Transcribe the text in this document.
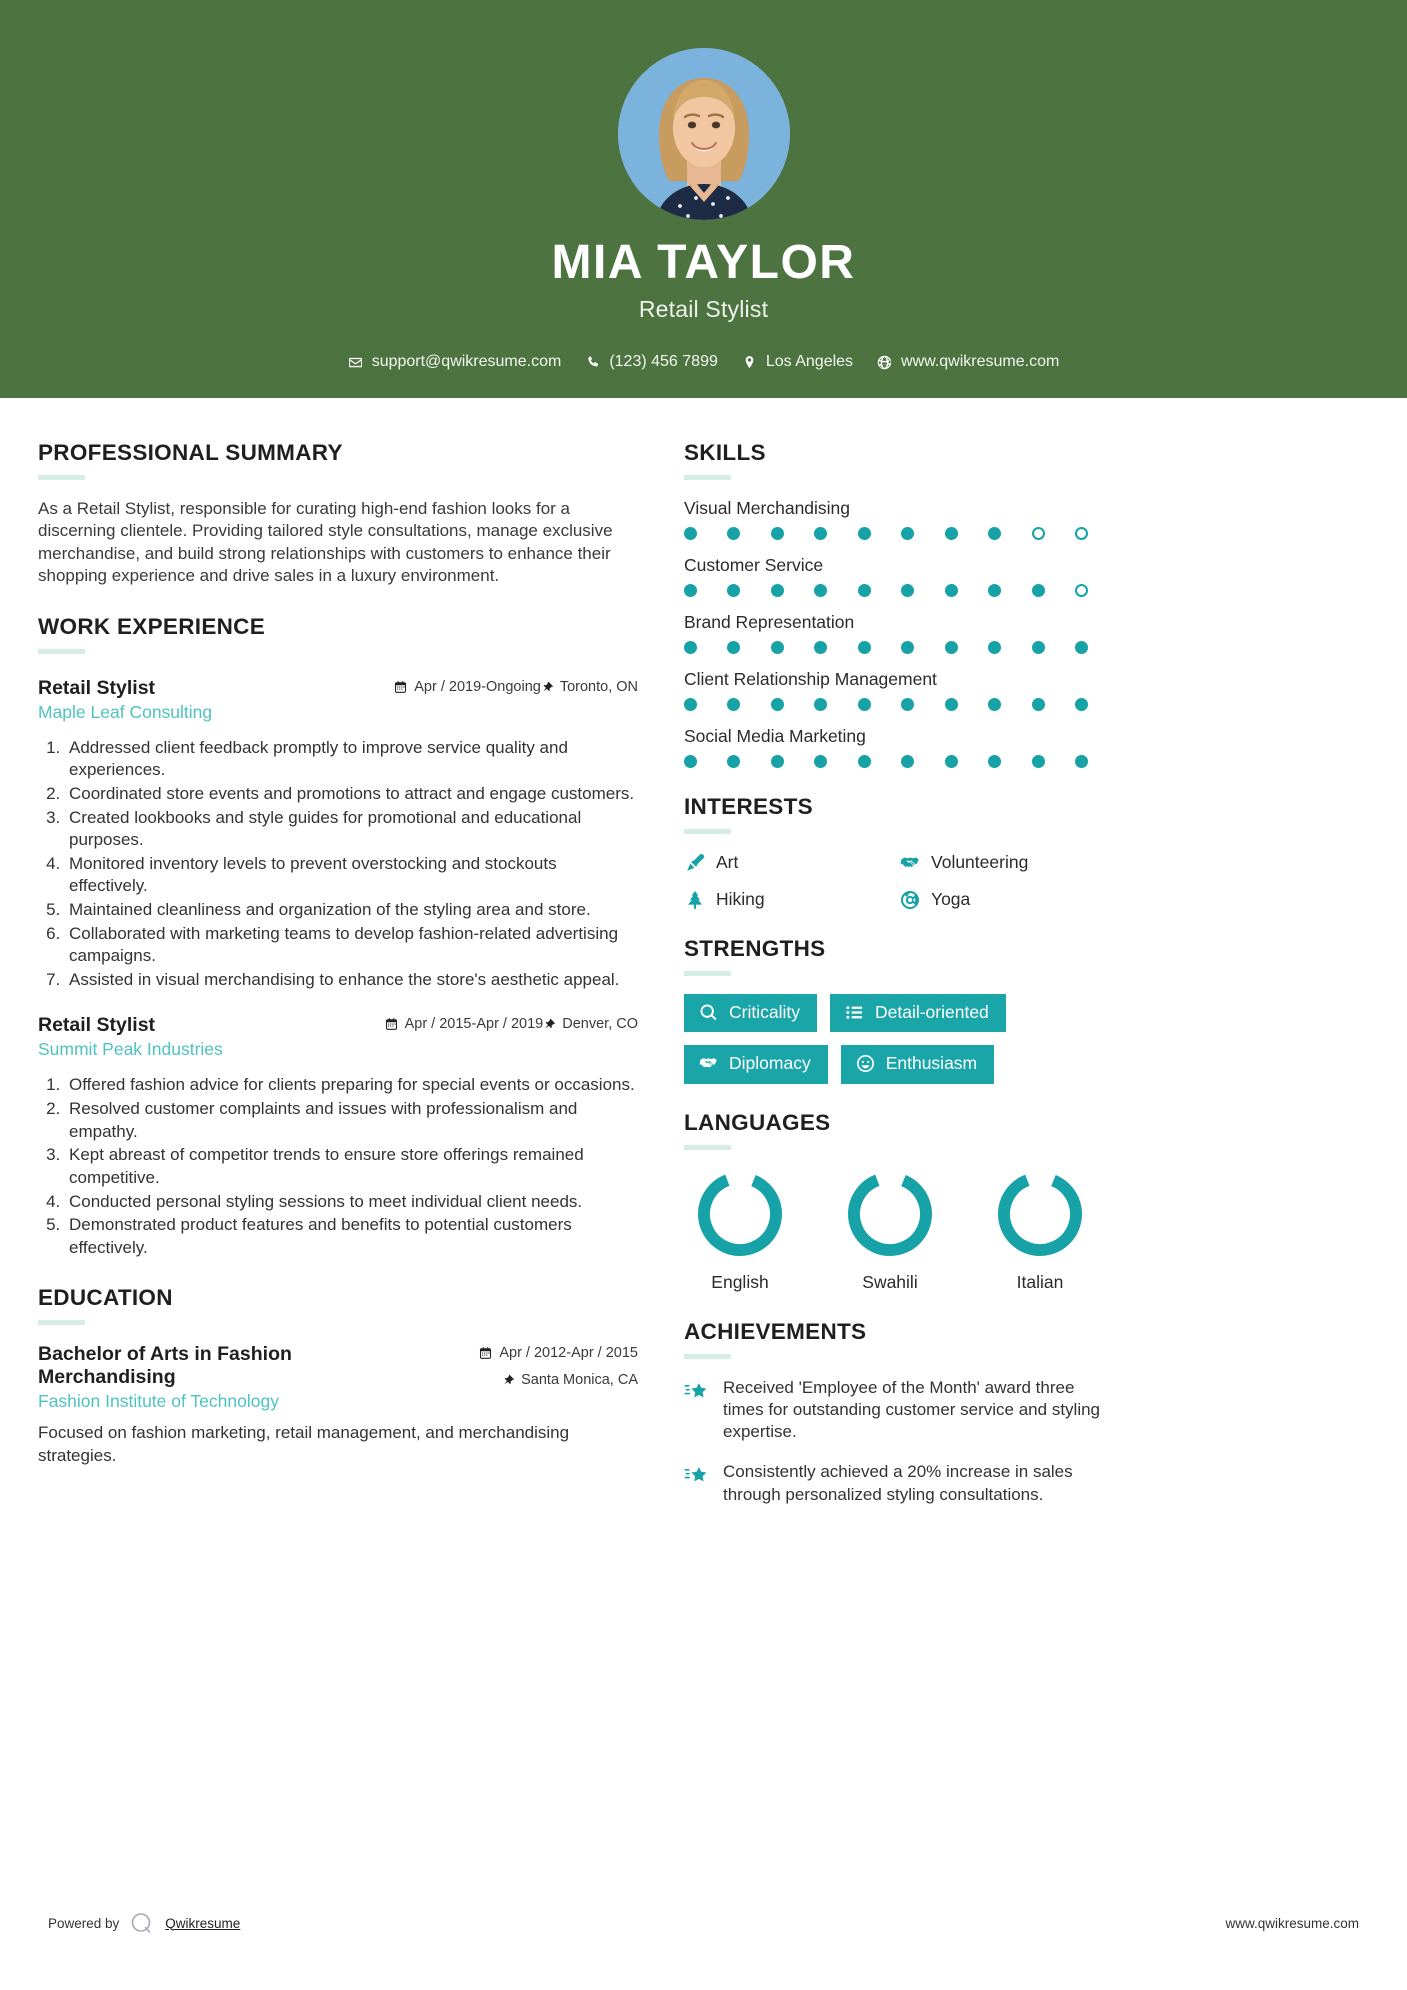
MIA TAYLOR
Retail Stylist
support@qwikresume.com	(123) 456 7899	Los Angeles	www.qwikresume.com
PROFESSIONAL SUMMARY
As a Retail Stylist, responsible for curating high-end fashion looks for a discerning clientele. Providing tailored style consultations, manage exclusive merchandise, and build strong relationships with customers to enhance their shopping experience and drive sales in a luxury environment.
WORK EXPERIENCE
Retail Stylist
Maple Leaf Consulting
Apr / 2019-Ongoing Toronto, ON
1. Addressed client feedback promptly to improve service quality and experiences.
2. Coordinated store events and promotions to attract and engage customers.
3. Created lookbooks and style guides for promotional and educational purposes.
4. Monitored inventory levels to prevent overstocking and stockouts effectively.
5. Maintained cleanliness and organization of the styling area and store.
6. Collaborated with marketing teams to develop fashion-related advertising campaigns.
7. Assisted in visual merchandising to enhance the store's aesthetic appeal.
Retail Stylist
Summit Peak Industries
Apr / 2015-Apr / 2019 Denver, CO
1. Offered fashion advice for clients preparing for special events or occasions.
2. Resolved customer complaints and issues with professionalism and empathy.
3. Kept abreast of competitor trends to ensure store offerings remained competitive.
4. Conducted personal styling sessions to meet individual client needs.
5. Demonstrated product features and benefits to potential customers effectively.
EDUCATION
Bachelor of Arts in Fashion Merchandising
Fashion Institute of Technology
Apr / 2012-Apr / 2015
Santa Monica, CA
Focused on fashion marketing, retail management, and merchandising strategies.
SKILLS
Visual Merchandising
Customer Service
Brand Representation
Client Relationship Management
Social Media Marketing
INTERESTS
Art	Volunteering
Hiking	Yoga
STRENGTHS
Criticality	Detail-oriented
Diplomacy	Enthusiasm
LANGUAGES
English	Swahili	Italian
ACHIEVEMENTS
Received 'Employee of the Month' award three times for outstanding customer service and styling expertise.
Consistently achieved a 20% increase in sales through personalized styling consultations.
Powered by	Qwikresume	www.qwikresume.com
